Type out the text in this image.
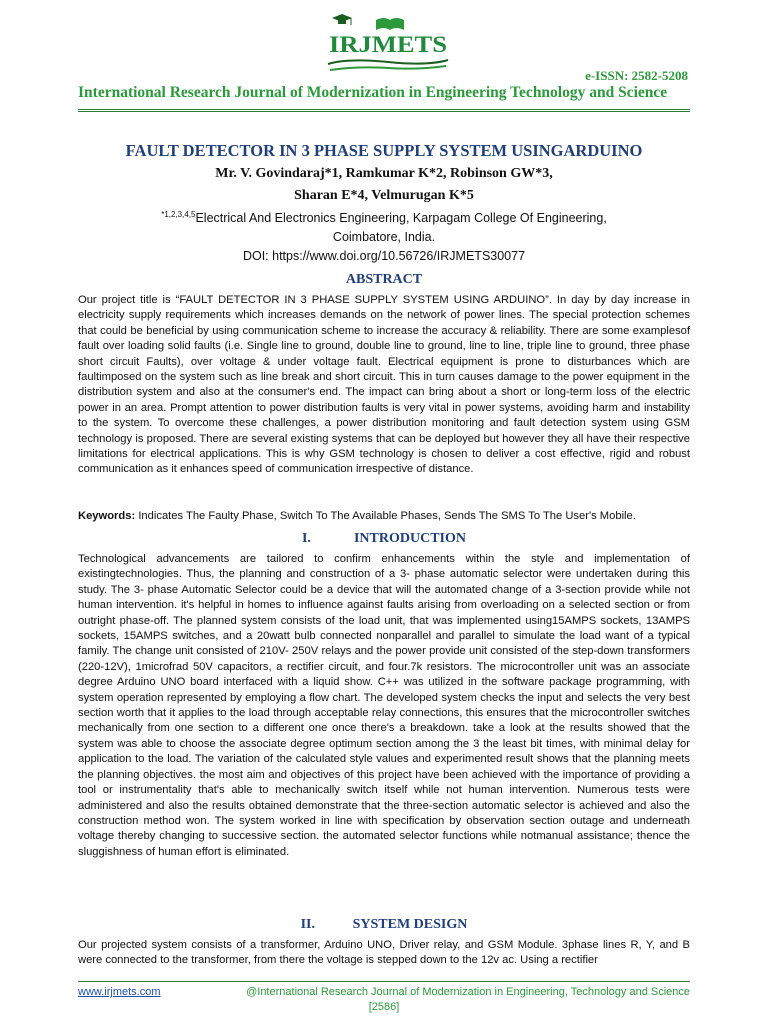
IRJMETS
e-ISSN: 2582-5208
International Research Journal of Modernization in Engineering Technology and Science
FAULT DETECTOR IN 3 PHASE SUPPLY SYSTEM USINGARDUINO
Mr. V. Govindaraj*1, Ramkumar K*2, Robinson GW*3,
Sharan E*4, Velmurugan K*5
$^{*1,2,3,4,5}$Electrical And Electronics Engineering, Karpagam College Of Engineering,
Coimbatore, India.
DOI: https://www.doi.org/10.56726/IRJMETS30077
ABSTRACT
Our project title is “FAULT DETECTOR IN 3 PHASE SUPPLY SYSTEM USING ARDUINO”. In day by day increase in electricity supply requirements which increases demands on the network of power lines. The special protection schemes that could be beneficial by using communication scheme to increase the accuracy & reliability. There are some examplesof fault over loading solid faults (i.e. Single line to ground, double line to ground, line to line, triple line to ground, three phase short circuit Faults), over voltage & under voltage fault. Electrical equipment is prone to disturbances which are faultimposed on the system such as line break and short circuit. This in turn causes damage to the power equipment in the distribution system and also at the consumer's end. The impact can bring about a short or long-term loss of the electric power in an area. Prompt attention to power distribution faults is very vital in power systems, avoiding harm and instability to the system. To overcome these challenges, a power distribution monitoring and fault detection system using GSM technology is proposed. There are several existing systems that can be deployed but however they all have their respective limitations for electrical applications. This is why GSM technology is chosen to deliver a cost effective, rigid and robust communication as it enhances speed of communication irrespective of distance.
Keywords: Indicates The Faulty Phase, Switch To The Available Phases, Sends The SMS To The User's Mobile.
I.	INTRODUCTION
Technological advancements are tailored to confirm enhancements within the style and implementation of existingtechnologies. Thus, the planning and construction of a 3- phase automatic selector were undertaken during this study. The 3- phase Automatic Selector could be a device that will the automated change of a 3-section provide while not human intervention. it's helpful in homes to influence against faults arising from overloading on a selected section or from outright phase-off. The planned system consists of the load unit, that was implemented using15AMPS sockets, 13AMPS sockets, 15AMPS switches, and a 20watt bulb connected nonparallel and parallel to simulate the load want of a typical family. The change unit consisted of 210V- 250V relays and the power provide unit consisted of the step-down transformers (220-12V), 1microfrad 50V capacitors, a rectifier circuit, and four.7k resistors. The microcontroller unit was an associate degree Arduino UNO board interfaced with a liquid show. C++ was utilized in the software package programming, with system operation represented by employing a flow chart. The developed system checks the input and selects the very best section worth that it applies to the load through acceptable relay connections, this ensures that the microcontroller switches mechanically from one section to a different one once there's a breakdown. take a look at the results showed that the system was able to choose the associate degree optimum section among the 3 the least bit times, with minimal delay for application to the load. The variation of the calculated style values and experimented result shows that the planning meets the planning objectives. the most aim and objectives of this project have been achieved with the importance of providing a tool or instrumentality that's able to mechanically switch itself while not human intervention. Numerous tests were administered and also the results obtained demonstrate that the three-section automatic selector is achieved and also the construction method won. The system worked in line with specification by observation section outage and underneath voltage thereby changing to successive section. the automated selector functions while notmanual assistance; thence the sluggishness of human effort is eliminated.
II.	SYSTEM DESIGN
Our projected system consists of a transformer, Arduino UNO, Driver relay, and GSM Module. 3phase lines R, Y, and B were connected to the transformer, from there the voltage is stepped down to the 12v ac. Using a rectifier
www.irjmets.com	@International Research Journal of Modernization in Engineering, Technology and Science
[2586]
